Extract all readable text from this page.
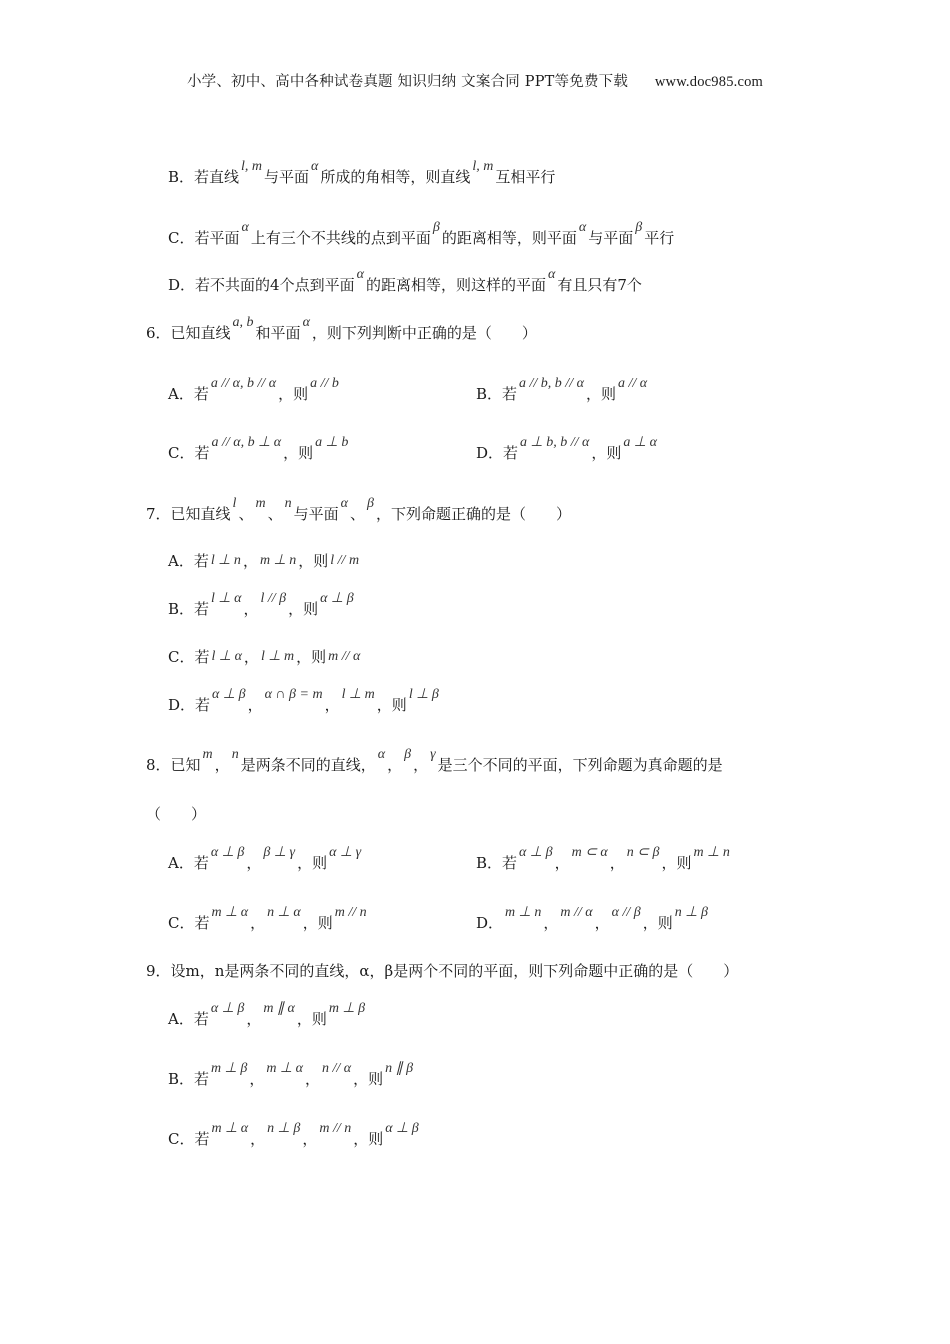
小学、初中、高中各种试卷真题 知识归纳 文案合同 PPT等免费下载 www.doc985.com
B．若直线l, m与平面α所成的角相等，则直线l, m互相平行
C．若平面α上有三个不共线的点到平面β的距离相等，则平面α与平面β平行
D．若不共面的4个点到平面α的距离相等，则这样的平面α有且只有7个
6．已知直线a, b和平面α，则下列判断中正确的是（　　）
A．若a // α, b // α，则a // b
B．若a // b, b // α，则a // α
C．若a // α, b ⊥ α，则a ⊥ b
D．若a ⊥ b, b // α，则a ⊥ α
7．已知直线l、m、n与平面α、β，下列命题正确的是（　　）
A．若 l ⊥ n ， m ⊥ n ，则 l // m
B．若l ⊥ α，l // β，则α ⊥ β
C．若 l ⊥ α ， l ⊥ m ，则 m // α
D．若α ⊥ β，α ∩ β = m，l ⊥ m，则l ⊥ β
8．已知m，n是两条不同的直线，α，β，γ是三个不同的平面，下列命题为真命题的是
（　　）
A．若α ⊥ β，β ⊥ γ，则α ⊥ γ
B．若α ⊥ β，m ⊂ α，n ⊂ β，则m ⊥ n
C．若m ⊥ α，n ⊥ α，则m // n
D．m ⊥ n，m // α，α // β，则n ⊥ β
9．设m，n是两条不同的直线，α，β是两个不同的平面，则下列命题中正确的是（　　）
A．若α ⊥ β，m ∥ α，则m ⊥ β
B．若m ⊥ β，m ⊥ α，n // α，则n ∥ β
C．若m ⊥ α，n ⊥ β，m // n，则α ⊥ β
